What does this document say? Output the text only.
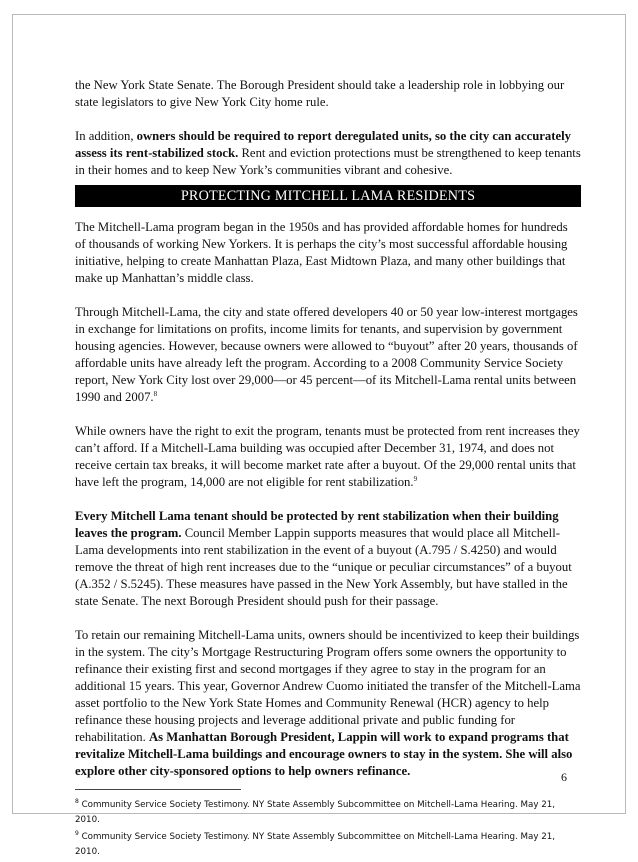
the New York State Senate. The Borough President should take a leadership role in lobbying our state legislators to give New York City home rule.

In addition, owners should be required to report deregulated units, so the city can accurately assess its rent-stabilized stock. Rent and eviction protections must be strengthened to keep tenants in their homes and to keep New York’s communities vibrant and cohesive.

PROTECTING MITCHELL LAMA RESIDENTS

The Mitchell-Lama program began in the 1950s and has provided affordable homes for hundreds of thousands of working New Yorkers. It is perhaps the city’s most successful affordable housing initiative, helping to create Manhattan Plaza, East Midtown Plaza, and many other buildings that make up Manhattan’s middle class.

Through Mitchell-Lama, the city and state offered developers 40 or 50 year low-interest mortgages in exchange for limitations on profits, income limits for tenants, and supervision by government housing agencies. However, because owners were allowed to “buyout” after 20 years, thousands of affordable units have already left the program. According to a 2008 Community Service Society report, New York City lost over 29,000—or 45 percent—of its Mitchell-Lama rental units between 1990 and 2007.$^8$

While owners have the right to exit the program, tenants must be protected from rent increases they can’t afford. If a Mitchell-Lama building was occupied after December 31, 1974, and does not receive certain tax breaks, it will become market rate after a buyout. Of the 29,000 rental units that have left the program, 14,000 are not eligible for rent stabilization.$^9$

Every Mitchell Lama tenant should be protected by rent stabilization when their building leaves the program. Council Member Lappin supports measures that would place all Mitchell-Lama developments into rent stabilization in the event of a buyout (A.795 / S.4250) and would remove the threat of high rent increases due to the “unique or peculiar circumstances” of a buyout (A.352 / S.5245). These measures have passed in the New York Assembly, but have stalled in the state Senate. The next Borough President should push for their passage.

To retain our remaining Mitchell-Lama units, owners should be incentivized to keep their buildings in the system. The city’s Mortgage Restructuring Program offers some owners the opportunity to refinance their existing first and second mortgages if they agree to stay in the program for an additional 15 years. This year, Governor Andrew Cuomo initiated the transfer of the Mitchell-Lama asset portfolio to the New York State Homes and Community Renewal (HCR) agency to help refinance these housing projects and leverage additional private and public funding for rehabilitation. As Manhattan Borough President, Lappin will work to expand programs that revitalize Mitchell-Lama buildings and encourage owners to stay in the system. She will also explore other city-sponsored options to help owners refinance.

$^8$ Community Service Society Testimony. NY State Assembly Subcommittee on Mitchell-Lama Hearing. May 21, 2010.
$^9$ Community Service Society Testimony. NY State Assembly Subcommittee on Mitchell-Lama Hearing. May 21, 2010.
6
